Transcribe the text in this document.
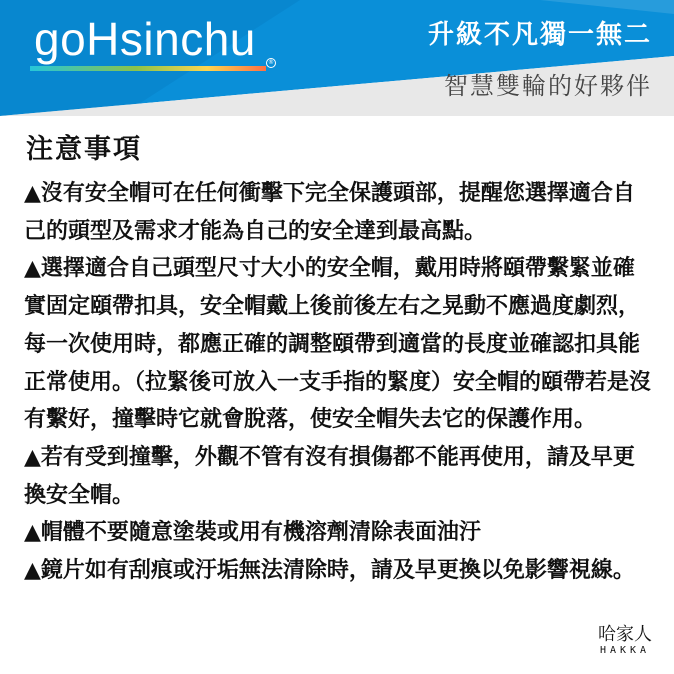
goHsinchu	®
升級不凡獨一無二
智慧雙輪的好夥伴
注意事項

▲沒有安全帽可在任何衝擊下完全保護頭部，提醒您選擇適合自己的頭型及需求才能為自己的安全達到最高點。

▲選擇適合自己頭型尺寸大小的安全帽，戴用時將頤帶繫緊並確實固定頤帶扣具，安全帽戴上後前後左右之晃動不應過度劇烈，每一次使用時，都應正確的調整頤帶到適當的長度並確認扣具能正常使用。（拉緊後可放入一支手指的緊度）安全帽的頤帶若是沒有繫好，撞擊時它就會脫落，使安全帽失去它的保護作用。

▲若有受到撞擊，外觀不管有沒有損傷都不能再使用，請及早更換安全帽。

▲帽體不要隨意塗裝或用有機溶劑清除表面油汙

▲鏡片如有刮痕或汙垢無法清除時，請及早更換以免影響視線。

哈家人
HAKKA
